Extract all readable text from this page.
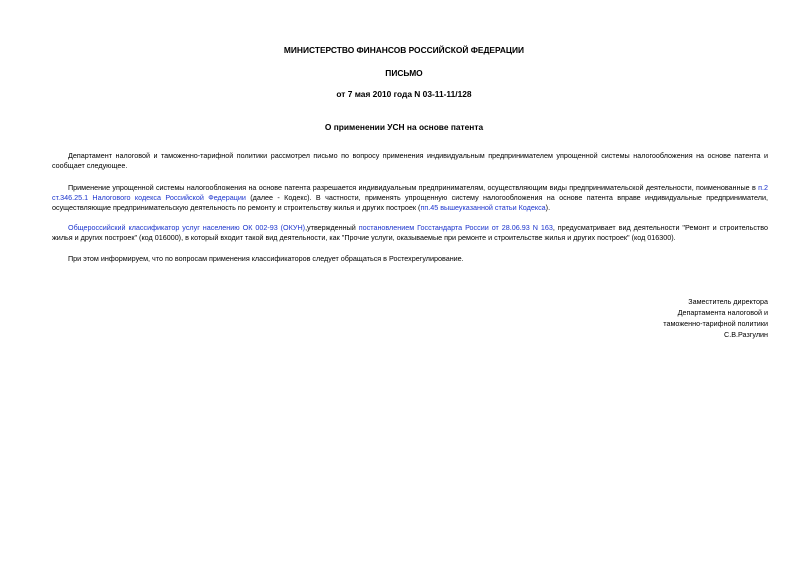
МИНИСТЕРСТВО ФИНАНСОВ РОССИЙСКОЙ ФЕДЕРАЦИИ

ПИСЬМО

от 7 мая 2010 года N 03-11-11/128

О применении УСН на основе патента

Департамент налоговой и таможенно-тарифной политики рассмотрел письмо по вопросу применения индивидуальным предпринимателем упрощенной системы налогообложения на основе патента и сообщает следующее.

Применение упрощенной системы налогообложения на основе патента разрешается индивидуальным предпринимателям, осуществляющим виды предпринимательской деятельности, поименованные в п.2 ст.346.25.1 Налогового кодекса Российской Федерации (далее - Кодекс). В частности, применять упрощенную систему налогообложения на основе патента вправе индивидуальные предприниматели, осуществляющие предпринимательскую деятельность по ремонту и строительству жилья и других построек (пп.45 вышеуказанной статьи Кодекса).

Общероссийский классификатор услуг населению ОК 002-93 (ОКУН),утвержденный постановлением Госстандарта России от 28.06.93 N 163, предусматривает вид деятельности "Ремонт и строительство жилья и других построек" (код 016000), в который входит такой вид деятельности, как "Прочие услуги, оказываемые при ремонте и строительстве жилья и других построек" (код 016300).

При этом информируем, что по вопросам применения классификаторов следует обращаться в Ростехрегулирование.

Заместитель директора
Департамента налоговой и
таможенно-тарифной политики
С.В.Разгулин
